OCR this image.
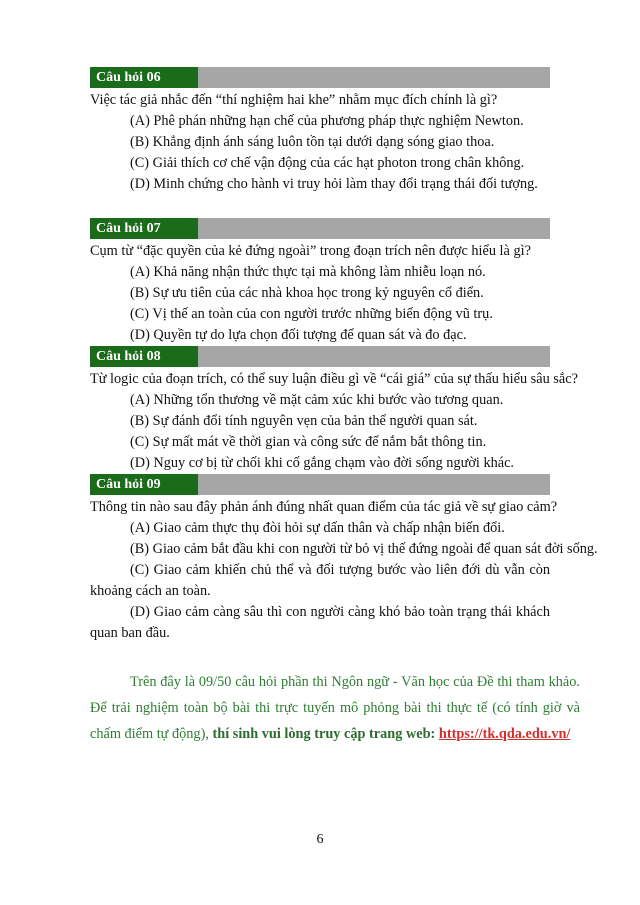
Câu hỏi 06

Việc tác giả nhắc đến “thí nghiệm hai khe” nhằm mục đích chính là gì?

(A) Phê phán những hạn chế của phương pháp thực nghiệm Newton.

(B) Khẳng định ánh sáng luôn tồn tại dưới dạng sóng giao thoa.

(C) Giải thích cơ chế vận động của các hạt photon trong chân không.

(D) Minh chứng cho hành vi truy hỏi làm thay đổi trạng thái đối tượng.

Câu hỏi 07

Cụm từ “đặc quyền của kẻ đứng ngoài” trong đoạn trích nên được hiểu là gì?

(A) Khả năng nhận thức thực tại mà không làm nhiễu loạn nó.

(B) Sự ưu tiên của các nhà khoa học trong kỷ nguyên cổ điển.

(C) Vị thế an toàn của con người trước những biến động vũ trụ.

(D) Quyền tự do lựa chọn đối tượng để quan sát và đo đạc.

Câu hỏi 08

Từ logic của đoạn trích, có thể suy luận điều gì về “cái giá” của sự thấu hiểu sâu sắc?

(A) Những tổn thương về mặt cảm xúc khi bước vào tương quan.

(B) Sự đánh đổi tính nguyên vẹn của bản thể người quan sát.

(C) Sự mất mát về thời gian và công sức để nắm bắt thông tin.

(D) Nguy cơ bị từ chối khi cố gắng chạm vào đời sống người khác.

Câu hỏi 09

Thông tin nào sau đây phản ánh đúng nhất quan điểm của tác giả về sự giao cảm?

(A) Giao cảm thực thụ đòi hỏi sự dấn thân và chấp nhận biến đổi.

(B) Giao cảm bắt đầu khi con người từ bỏ vị thế đứng ngoài để quan sát đời sống.

(C) Giao cảm khiến chủ thể và đối tượng bước vào liên đới dù vẫn còn khoảng cách an toàn.

(D) Giao cảm càng sâu thì con người càng khó bảo toàn trạng thái khách quan ban đầu.

Trên đây là 09/50 câu hỏi phần thi Ngôn ngữ - Văn học của Đề thi tham khảo. Để trải nghiệm toàn bộ bài thi trực tuyến mô phỏng bài thi thực tế (có tính giờ và chấm điểm tự động), thí sinh vui lòng truy cập trang web: https://tk.qda.edu.vn/
6
